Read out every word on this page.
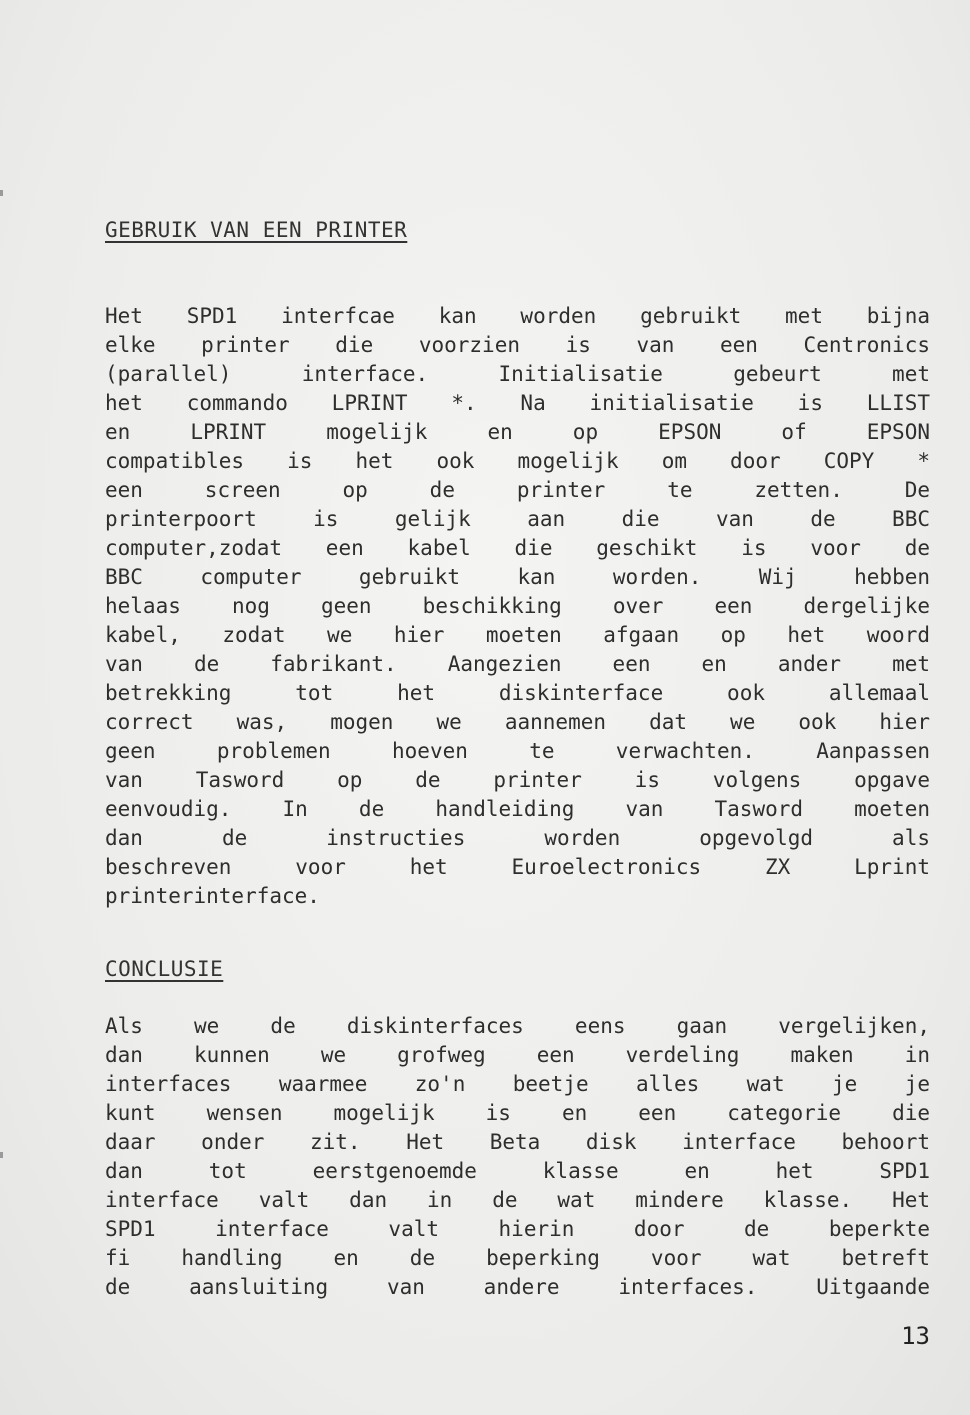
GEBRUIK VAN EEN PRINTER
Het SPD1 interfcae kan worden gebruikt met bijna
elke printer die voorzien is van een Centronics
(parallel) interface. Initialisatie gebeurt met
het commando LPRINT *. Na initialisatie is LLIST
en LPRINT mogelijk en op EPSON of EPSON
compatibles is het ook mogelijk om door COPY *
een screen op de printer te zetten. De
printerpoort is gelijk aan die van de BBC
computer,zodat een kabel die geschikt is voor de
BBC computer gebruikt kan worden. Wij hebben
helaas nog geen beschikking over een dergelijke
kabel, zodat we hier moeten afgaan op het woord
van de fabrikant. Aangezien een en ander met
betrekking tot het diskinterface ook allemaal
correct was, mogen we aannemen dat we ook hier
geen problemen hoeven te verwachten. Aanpassen
van Tasword op de printer is volgens opgave
eenvoudig. In de handleiding van Tasword moeten
dan de instructies worden opgevolgd als
beschreven voor het Euroelectronics ZX Lprint
printerinterface.
CONCLUSIE
Als we de diskinterfaces eens gaan vergelijken,
dan kunnen we grofweg een verdeling maken in
interfaces waarmee zo'n beetje alles wat je je
kunt wensen mogelijk is en een categorie die
daar onder zit. Het Beta disk interface behoort
dan tot eerstgenoemde klasse en het SPD1
interface valt dan in de wat mindere klasse. Het
SPD1 interface valt hierin door de beperkte
fi handling en de beperking voor wat betreft
de aansluiting van andere interfaces. Uitgaande
13
